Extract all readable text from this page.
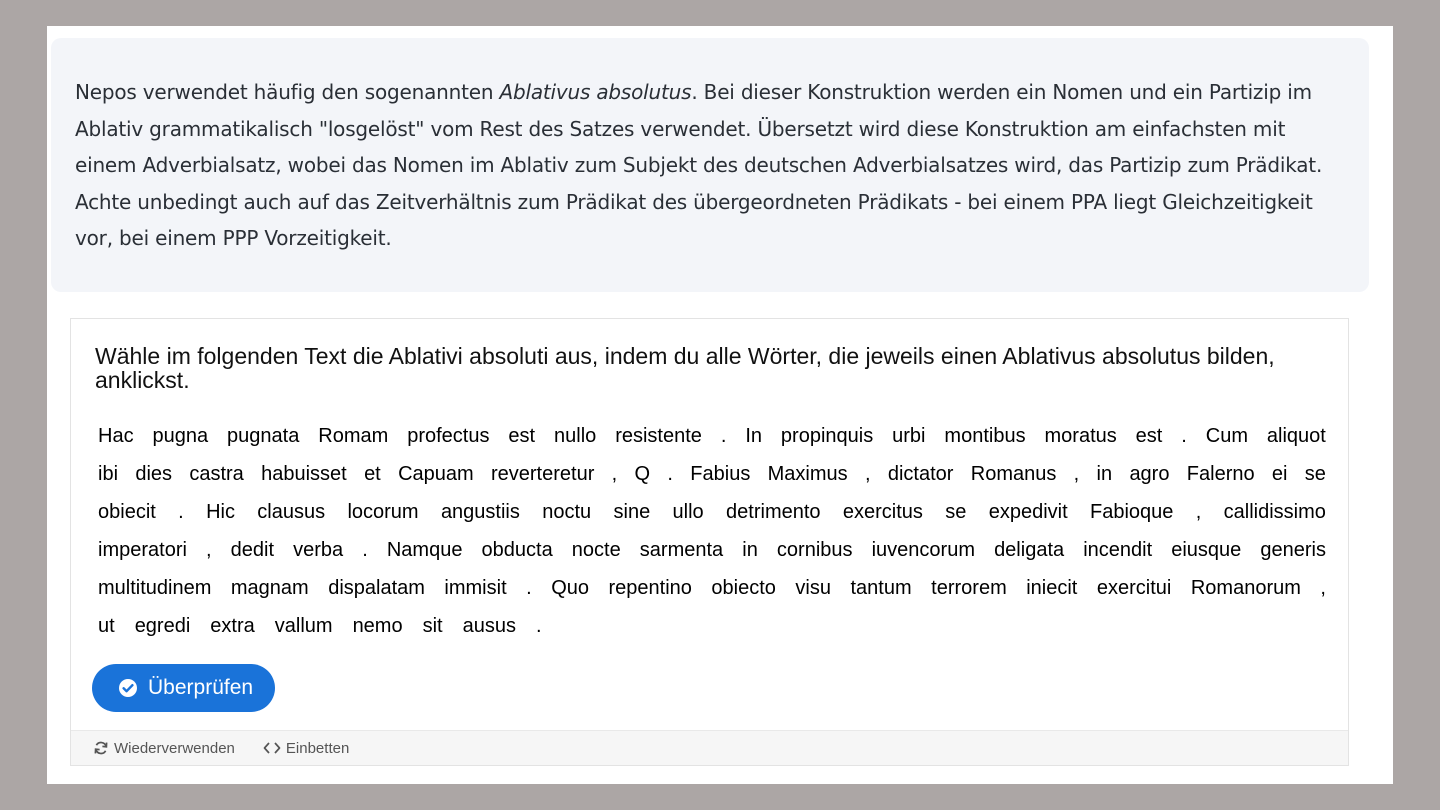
Nepos verwendet häufig den sogenannten Ablativus absolutus. Bei dieser Konstruktion werden ein Nomen und ein Partizip im Ablativ grammatikalisch "losgelöst" vom Rest des Satzes verwendet. Übersetzt wird diese Konstruktion am einfachsten mit einem Adverbialsatz, wobei das Nomen im Ablativ zum Subjekt des deutschen Adverbialsatzes wird, das Partizip zum Prädikat. Achte unbedingt auch auf das Zeitverhältnis zum Prädikat des übergeordneten Prädikats - bei einem PPA liegt Gleichzeitigkeit vor, bei einem PPP Vorzeitigkeit.

Wähle im folgenden Text die Ablativi absoluti aus, indem du alle Wörter, die jeweils einen Ablativus absolutus bilden, anklickst.
Hac pugna pugnata Romam profectus est nullo resistente . In propinquis urbi montibus moratus est . Cum aliquot
ibi dies castra habuisset et Capuam reverteretur , Q . Fabius Maximus , dictator Romanus , in agro Falerno ei se
obiecit . Hic clausus locorum angustiis noctu sine ullo detrimento exercitus se expedivit Fabioque , callidissimo
imperatori , dedit verba . Namque obducta nocte sarmenta in cornibus iuvencorum deligata incendit eiusque generis
multitudinem magnam dispalatam immisit . Quo repentino obiecto visu tantum terrorem iniecit exercitui Romanorum ,
ut egredi extra vallum nemo sit ausus .
Überprüfen
Wiederverwenden	Einbetten
